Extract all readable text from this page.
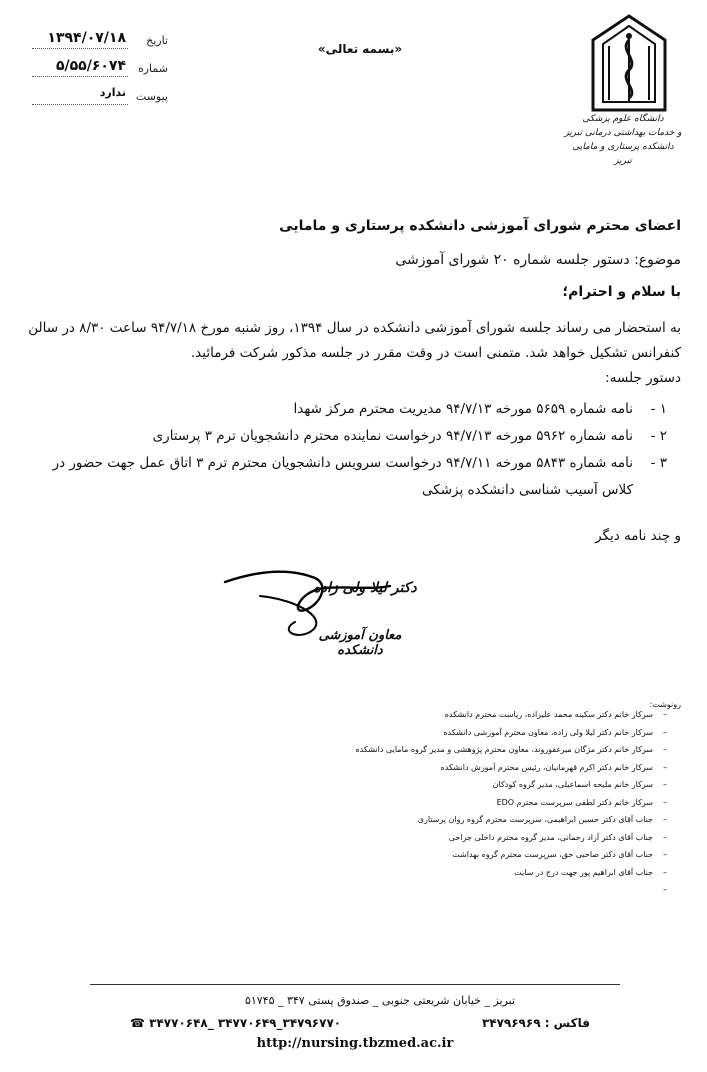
تاریخ
۱۳۹۴/۰۷/۱۸
شماره
۵/۵۵/۶۰۷۴
پیوست
ندارد
«بسمه تعالی»
دانشگاه علوم پزشکی
و خدمات بهداشتی درمانی تبریز
دانشکده پرستاری و مامایی تبریز
اعضای محترم شورای آموزشی دانشکده پرستاری و مامایی
موضوع: دستور جلسه شماره ۲۰ شورای آموزشی
با سلام و احترام؛
به استحضار می رساند جلسه شورای آموزشی دانشکده در سال ۱۳۹۴، روز شنبه مورخ ۹۴/۷/۱۸ ساعت ۸/۳۰ در سالن کنفرانس تشکیل خواهد شد. متمنی است در وقت مقرر در جلسه مذکور شرکت فرمائید.
دستور جلسه:
۱ -
نامه شماره ۵۶۵۹ مورخه ۹۴/۷/۱۳ مدیریت محترم مرکز شهدا
۲ -
نامه شماره ۵۹۶۲ مورخه ۹۴/۷/۱۳ درخواست نماینده محترم دانشجویان ترم ۳ پرستاری
۳ -
نامه شماره ۵۸۴۳ مورخه ۹۴/۷/۱۱ درخواست سرویس دانشجویان محترم ترم ۳ اتاق عمل جهت حضور در کلاس آسیب شناسی دانشکده پزشکی
و چند نامه دیگر
دکتر لیلا ولی زاده
معاون آموزشی دانشکده
رونوشت:
–
سرکار خانم دکتر سکینه محمد علیزاده، ریاست محترم دانشکده
–
سرکار خانم دکتر لیلا ولی زاده، معاون محترم آموزشی دانشکده
–
سرکار خانم دکتر مژگان میرغفوروند، معاون محترم پژوهشی و مدیر گروه مامایی دانشکده
–
سرکار خانم دکتر اکرم قهرمانیان، رئیس محترم آموزش دانشکده
–
سرکار خانم ملیحه اسماعیلی، مدیر گروه کودکان
–
سرکار خانم دکتر لطفی سرپرست محترم EDO
–
جناب آقای دکتر حسین ابراهیمی، سرپرست محترم گروه روان پرستاری
–
جناب آقای دکتر آزاد رحمانی، مدیر گروه محترم داخلی جراحی
–
جناب آقای دکتر صاحبی حق، سرپرست محترم گروه بهداشت
–
جناب آقای ابراهیم پور جهت درج در سایت
–
تبریز _ خیابان شریعتی جنوبی _ صندوق پستی ۳۴۷ _ ۵۱۷۴۵
فاکس : ۳۴۷۹۶۹۶۹
☎ ۳۴۷۷۰۶۴۸_ ۳۴۷۷۰۶۴۹_۳۴۷۹۶۷۷۰
http://nursing.tbzmed.ac.ir
